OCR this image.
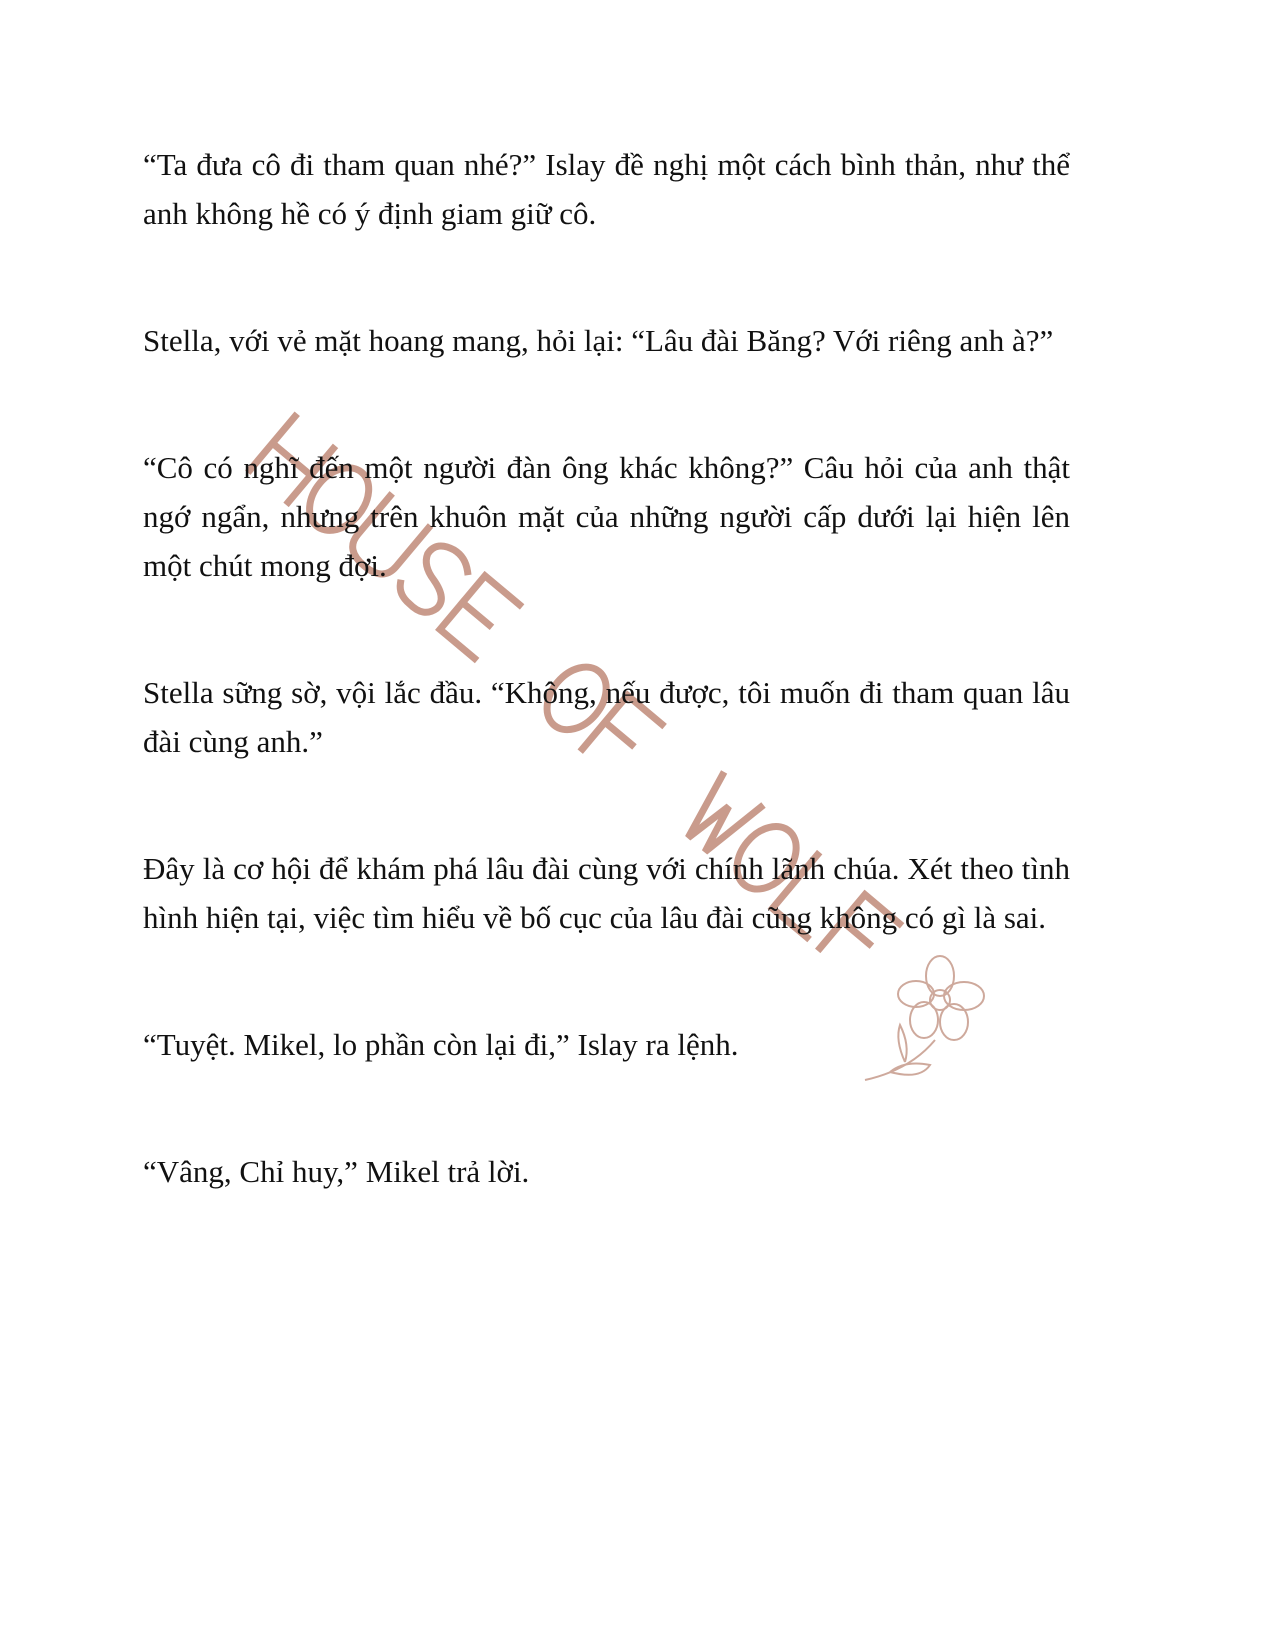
“Ta đưa cô đi tham quan nhé?” Islay đề nghị một cách bình thản, như thể anh không hề có ý định giam giữ cô.

Stella, với vẻ mặt hoang mang, hỏi lại: “Lâu đài Băng? Với riêng anh à?”

“Cô có nghĩ đến một người đàn ông khác không?” Câu hỏi của anh thật ngớ ngẩn, nhưng trên khuôn mặt của những người cấp dưới lại hiện lên một chút mong đợi.

Stella sững sờ, vội lắc đầu. “Không, nếu được, tôi muốn đi tham quan lâu đài cùng anh.”

Đây là cơ hội để khám phá lâu đài cùng với chính lãnh chúa. Xét theo tình hình hiện tại, việc tìm hiểu về bố cục của lâu đài cũng không có gì là sai.

“Tuyệt. Mikel, lo phần còn lại đi,” Islay ra lệnh.

“Vâng, Chỉ huy,” Mikel trả lời.
